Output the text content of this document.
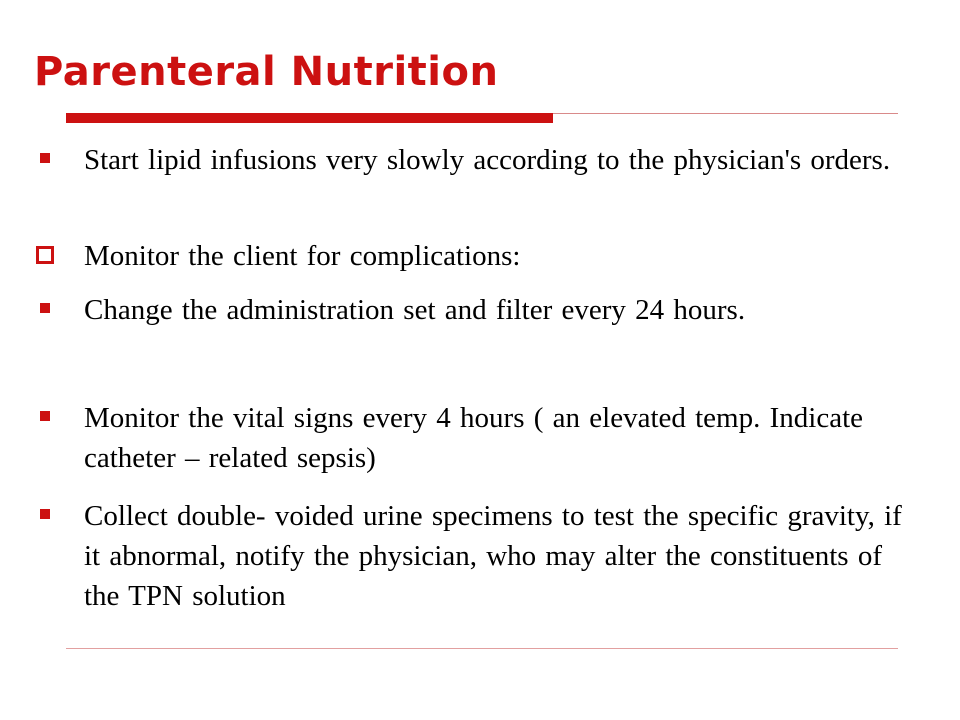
Parenteral Nutrition
Start lipid infusions very slowly according to the physician's orders.
Monitor the client for complications:
Change the administration set and filter every 24 hours.
Monitor the vital signs every 4 hours ( an elevated temp. Indicate catheter – related sepsis)
Collect double- voided urine specimens to test the specific gravity, if it abnormal, notify the physician, who may alter the constituents of the TPN solution
